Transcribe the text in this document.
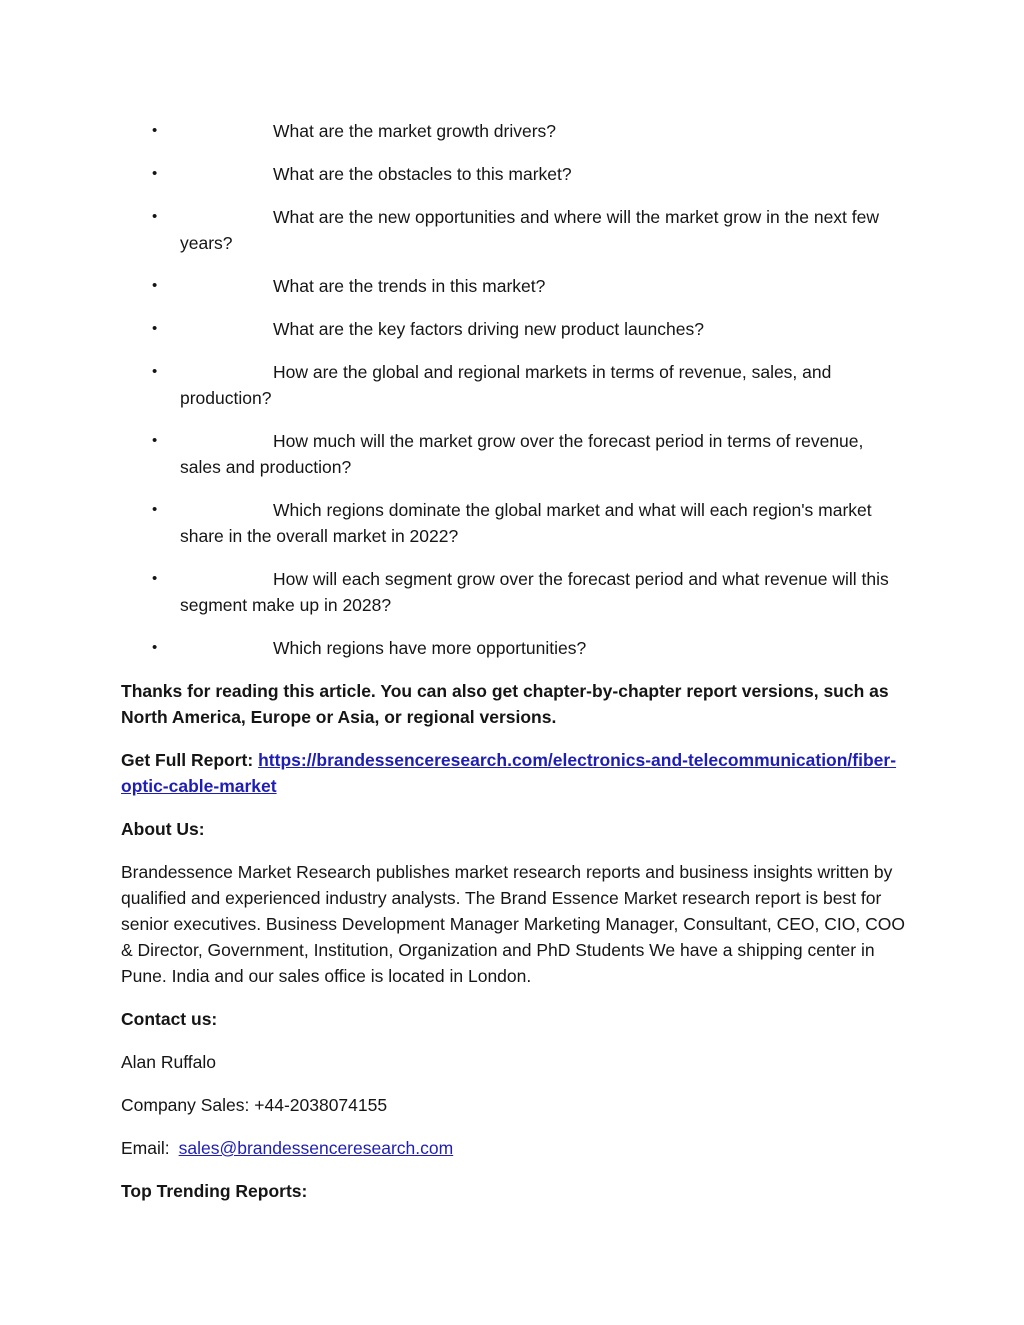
•	What are the market growth drivers?
•	What are the obstacles to this market?
•	What are the new opportunities and where will the market grow in the next few years?
•	What are the trends in this market?
•	What are the key factors driving new product launches?
•	How are the global and regional markets in terms of revenue, sales, and production?
•	How much will the market grow over the forecast period in terms of revenue, sales and production?
•	Which regions dominate the global market and what will each region's market share in the overall market in 2022?
•	How will each segment grow over the forecast period and what revenue will this segment make up in 2028?
•	Which regions have more opportunities?

Thanks for reading this article. You can also get chapter-by-chapter report versions, such as North America, Europe or Asia, or regional versions.

Get Full Report: https://brandessenceresearch.com/electronics-and-telecommunication/fiber-optic-cable-market

About Us:

Brandessence Market Research publishes market research reports and business insights written by qualified and experienced industry analysts. The Brand Essence Market research report is best for senior executives. Business Development Manager Marketing Manager, Consultant, CEO, CIO, COO & Director, Government, Institution, Organization and PhD Students We have a shipping center in Pune. India and our sales office is located in London.

Contact us:

Alan Ruffalo

Company Sales: +44-2038074155

Email: sales@brandessenceresearch.com

Top Trending Reports:
